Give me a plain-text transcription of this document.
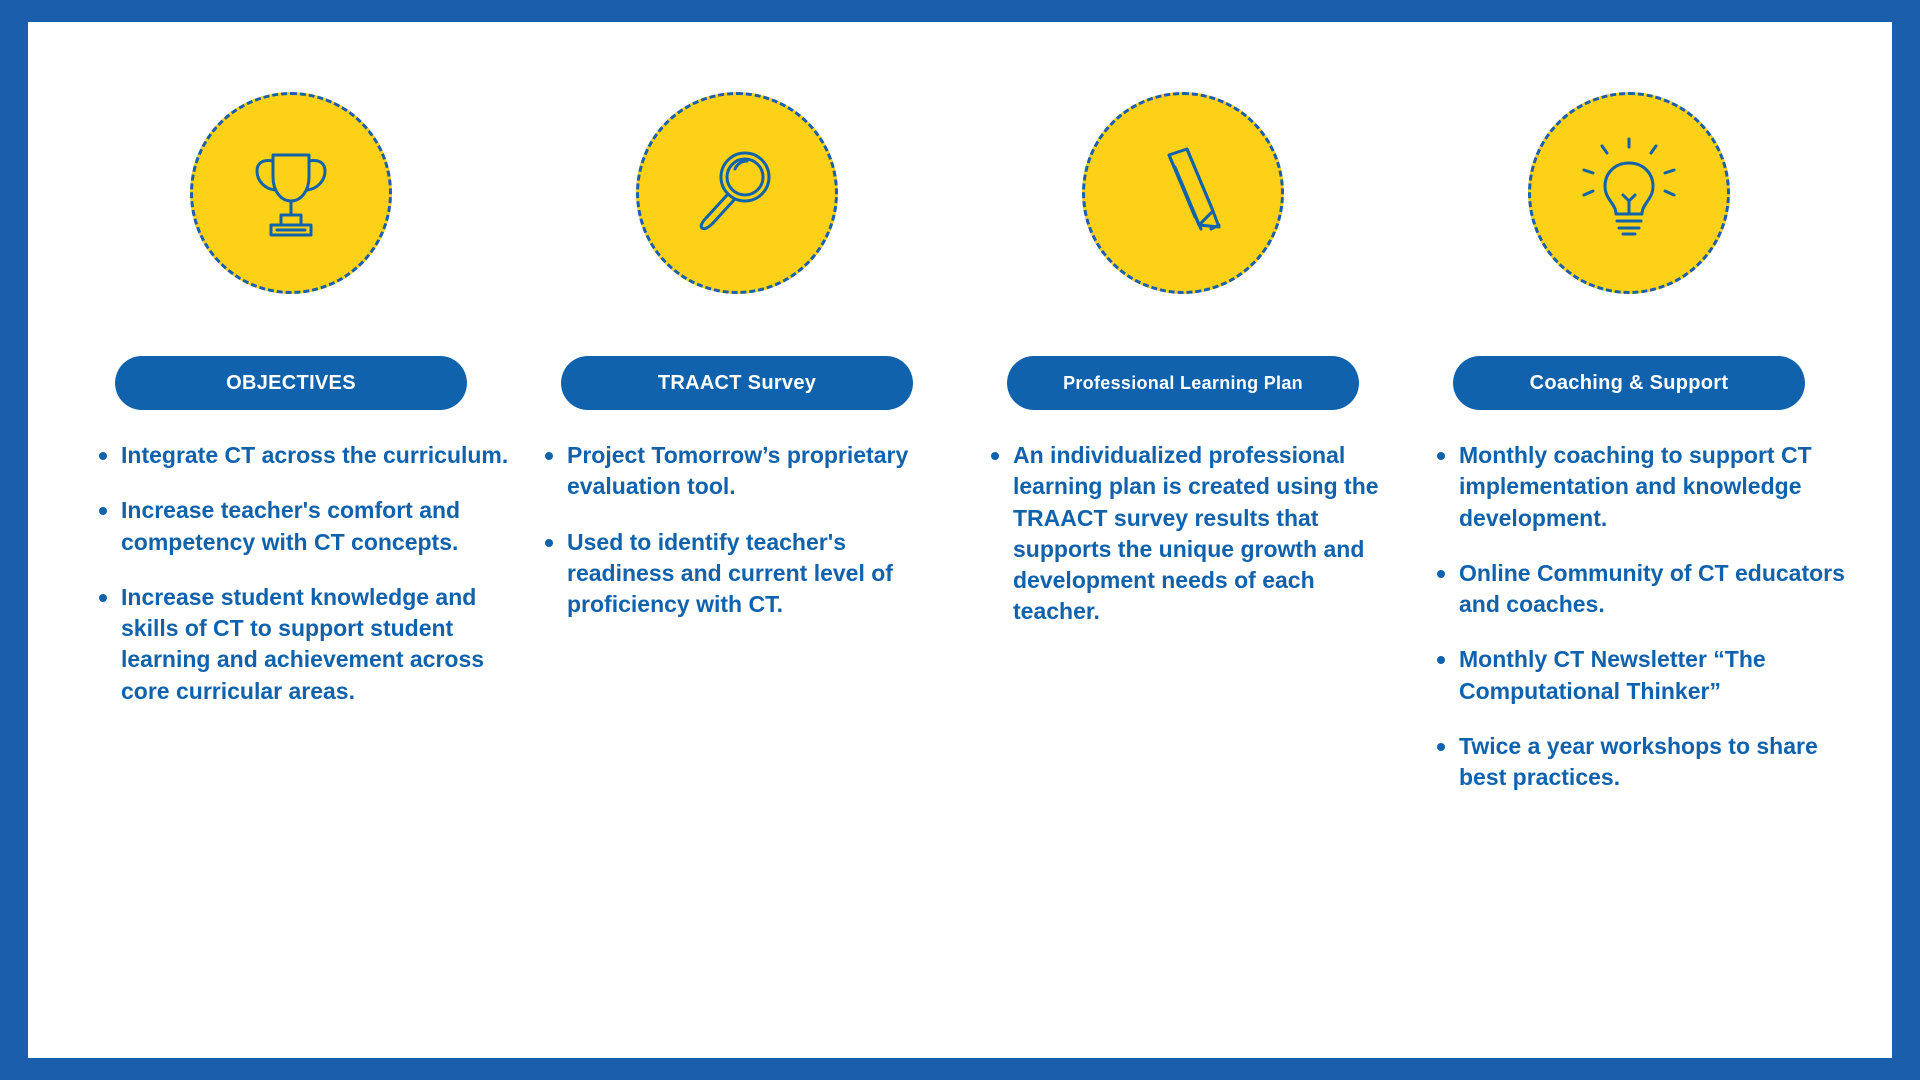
OBJECTIVES
Integrate CT across the curriculum.
Increase teacher's comfort and competency with CT concepts.
Increase student knowledge and skills of CT to support student learning and achievement across core curricular areas.
TRAACT Survey
Project Tomorrow’s proprietary evaluation tool.
Used to identify teacher's readiness and current level of proficiency with CT.
Professional Learning Plan
An individualized professional learning plan is created using the TRAACT survey results that supports the unique growth and development needs of each teacher.
Coaching & Support
Monthly coaching to support CT implementation and knowledge development.
Online Community of CT educators and coaches.
Monthly CT Newsletter “The Computational Thinker”
Twice a year workshops to share best practices.
